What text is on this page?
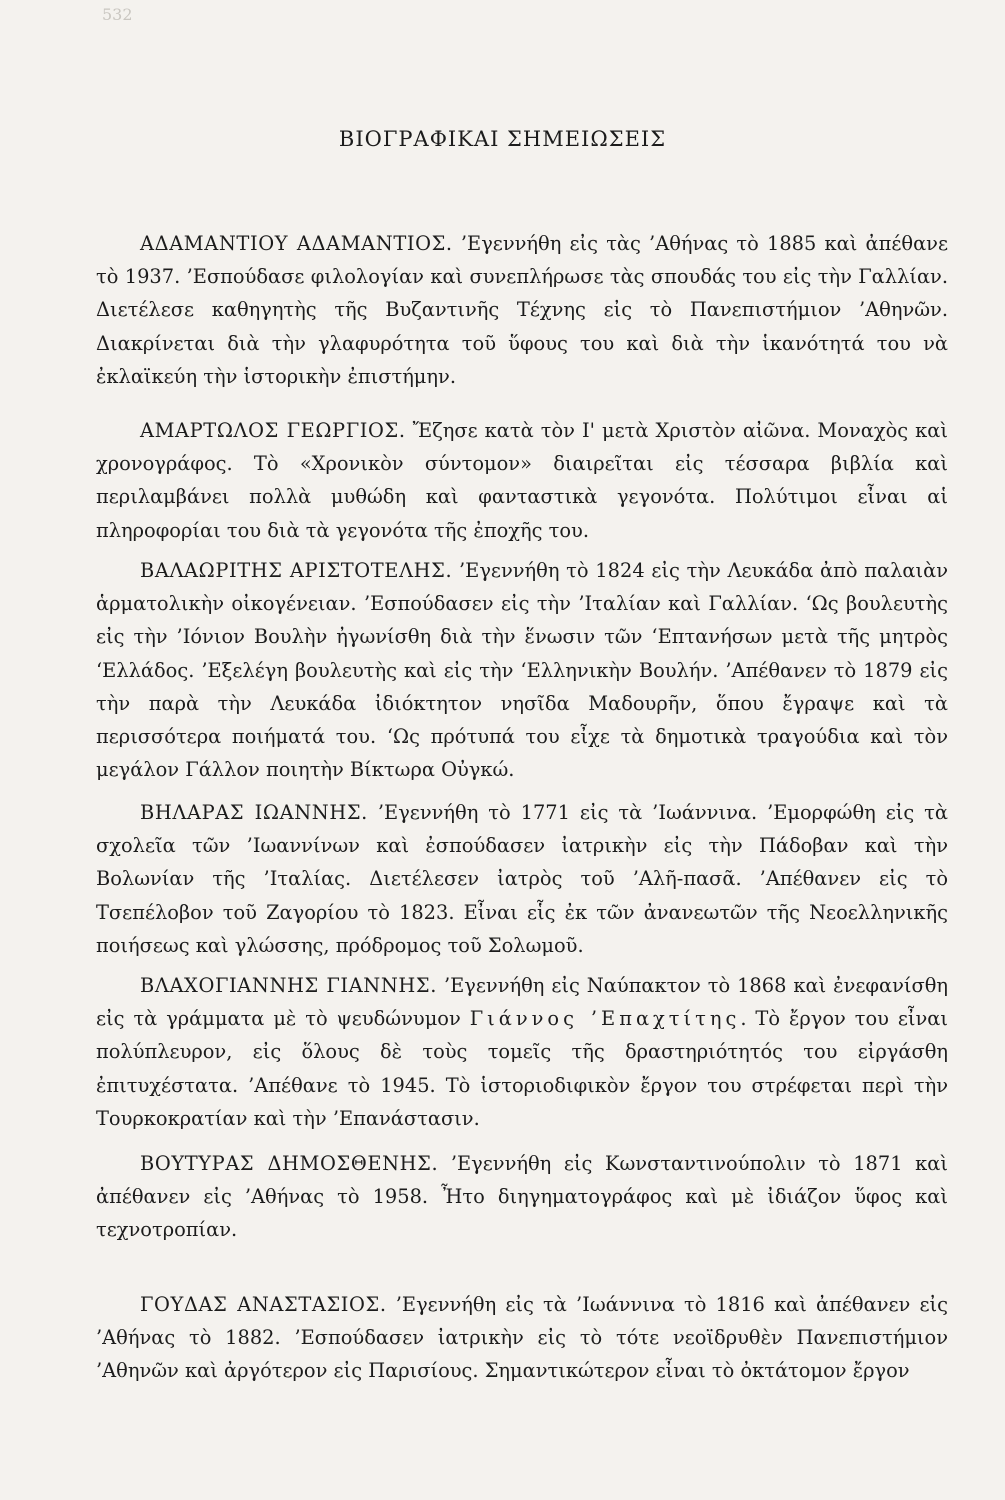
532
ΒΙΟΓΡΑΦΙΚΑΙ ΣΗΜΕΙΩΣΕΙΣ

ΑΔΑΜΑΝΤΙΟΥ ΑΔΑΜΑΝΤΙΟΣ. ’Εγεννήθη εἰς τὰς ’Αθήνας τὸ 1885 καὶ ἀπέθανε τὸ 1937. ’Εσπούδασε φιλολογίαν καὶ συνεπλήρωσε τὰς σπουδάς του εἰς τὴν Γαλλίαν. Διετέλεσε καθηγητὴς τῆς Βυζαντινῆς Τέχνης εἰς τὸ Πανεπιστήμιον ’Αθηνῶν. Διακρίνεται διὰ τὴν γλαφυρότητα τοῦ ὕφους του καὶ διὰ τὴν ἱκανότητά του νὰ ἐκλαϊκεύη τὴν ἱστορικὴν ἐπιστήμην.

ΑΜΑΡΤΩΛΟΣ ΓΕΩΡΓΙΟΣ. Ἔζησε κατὰ τὸν Ι' μετὰ Χριστὸν αἰῶνα. Μοναχὸς καὶ χρονογράφος. Τὸ «Χρονικὸν σύντομον» διαιρεῖται εἰς τέσσαρα βιβλία καὶ περιλαμβάνει πολλὰ μυθώδη καὶ φανταστικὰ γεγονότα. Πολύτιμοι εἶναι αἱ πληροφορίαι του διὰ τὰ γεγονότα τῆς ἐποχῆς του.

ΒΑΛΑΩΡΙΤΗΣ ΑΡΙΣΤΟΤΕΛΗΣ. ’Εγεννήθη τὸ 1824 εἰς τὴν Λευκάδα ἀπὸ παλαιὰν ἁρματολικὴν οἰκογένειαν. ’Εσπούδασεν εἰς τὴν ’Ιταλίαν καὶ Γαλλίαν. ‘Ως βουλευτὴς εἰς τὴν ’Ιόνιον Βουλὴν ἠγωνίσθη διὰ τὴν ἕνωσιν τῶν ‘Επτανήσων μετὰ τῆς μητρὸς ‘Ελλάδος. ’Εξελέγη βουλευτὴς καὶ εἰς τὴν ‘Ελληνικὴν Βουλήν. ’Απέθανεν τὸ 1879 εἰς τὴν παρὰ τὴν Λευκάδα ἰδιόκτητον νησῖδα Μαδουρῆν, ὅπου ἔγραψε καὶ τὰ περισσότερα ποιήματά του. ‘Ως πρότυπά του εἶχε τὰ δημοτικὰ τραγούδια καὶ τὸν μεγάλον Γάλλον ποιητὴν Βίκτωρα Οὐγκώ.

ΒΗΛΑΡΑΣ ΙΩΑΝΝΗΣ. ’Εγεννήθη τὸ 1771 εἰς τὰ ’Ιωάννινα. ’Εμορφώθη εἰς τὰ σχολεῖα τῶν ’Ιωαννίνων καὶ ἐσπούδασεν ἰατρικὴν εἰς τὴν Πάδοβαν καὶ τὴν Βολωνίαν τῆς ’Ιταλίας. Διετέλεσεν ἰατρὸς τοῦ ’Αλῆ-πασᾶ. ’Απέθανεν εἰς τὸ Τσεπέλοβον τοῦ Ζαγορίου τὸ 1823. Εἶναι εἷς ἐκ τῶν ἀνανεωτῶν τῆς Νεοελληνικῆς ποιήσεως καὶ γλώσσης, πρόδρομος τοῦ Σολωμοῦ.

ΒΛΑΧΟΓΙΑΝΝΗΣ ΓΙΑΝΝΗΣ. ’Εγεννήθη εἰς Ναύπακτον τὸ 1868 καὶ ἐνεφανίσθη εἰς τὰ γράμματα μὲ τὸ ψευδώνυμον Γιάννος ’Επαχτίτης. Τὸ ἔργον του εἶναι πολύπλευρον, εἰς ὅλους δὲ τοὺς τομεῖς τῆς δραστηριότητός του εἰργάσθη ἐπιτυχέστατα. ’Απέθανε τὸ 1945. Τὸ ἱστοριοδιφικὸν ἔργον του στρέφεται περὶ τὴν Τουρκοκρατίαν καὶ τὴν ’Επανάστασιν.

ΒΟΥΤΥΡΑΣ ΔΗΜΟΣΘΕΝΗΣ. ’Εγεννήθη εἰς Κωνσταντινούπολιν τὸ 1871 καὶ ἀπέθανεν εἰς ’Αθήνας τὸ 1958. Ἦτο διηγηματογράφος καὶ μὲ ἰδιάζον ὕφος καὶ τεχνοτροπίαν.

ΓΟΥΔΑΣ ΑΝΑΣΤΑΣΙΟΣ. ’Εγεννήθη εἰς τὰ ’Ιωάννινα τὸ 1816 καὶ ἀπέθανεν εἰς ’Αθήνας τὸ 1882. ’Εσπούδασεν ἰατρικὴν εἰς τὸ τότε νεοϊδρυθὲν Πανεπιστήμιον ’Αθηνῶν καὶ ἀργότερον εἰς Παρισίους. Σημαντικώτερον εἶναι τὸ ὀκτάτομον ἔργον
